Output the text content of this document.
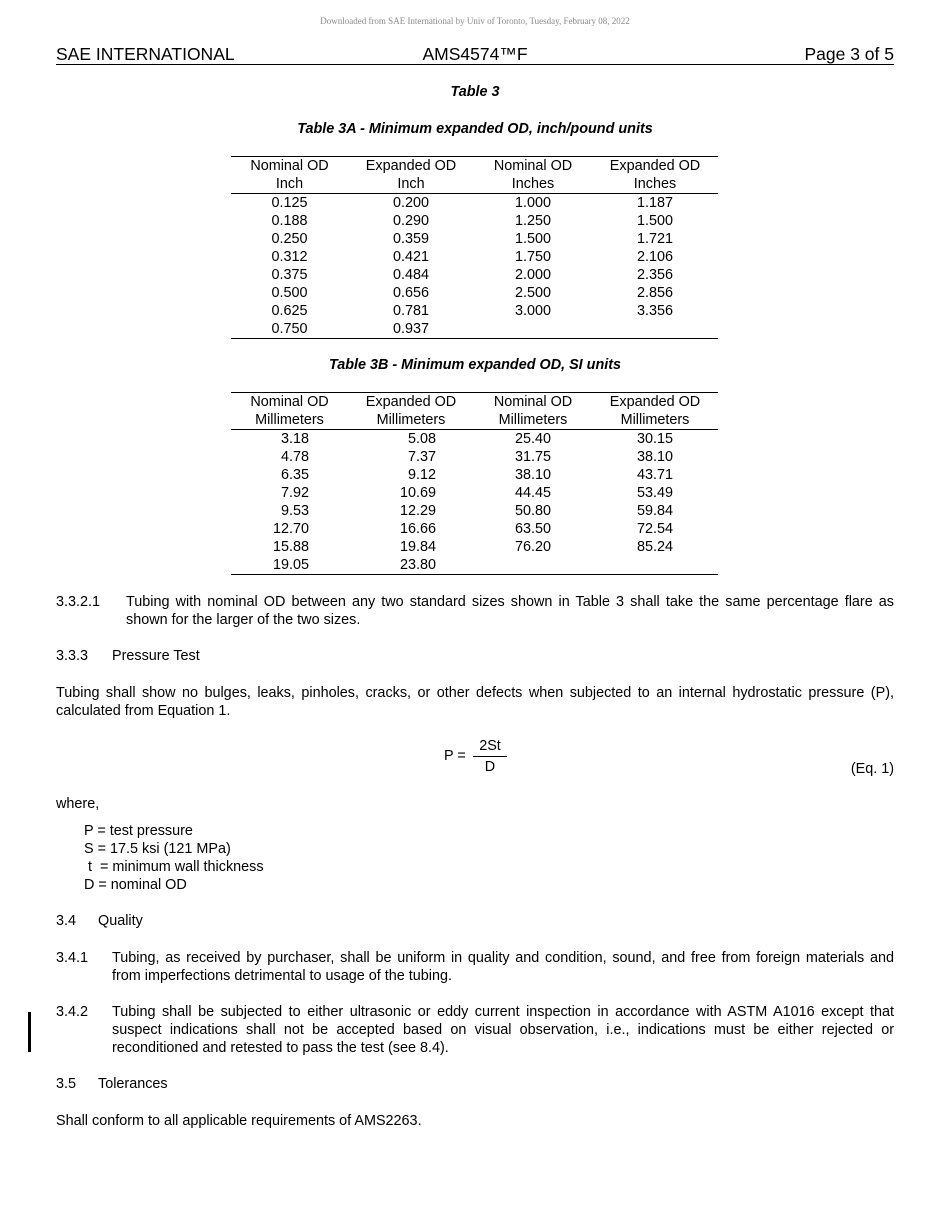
Downloaded from SAE International by Univ of Toronto, Tuesday, February 08, 2022
SAE INTERNATIONAL	AMS4574™F	Page 3 of 5
Table 3
Table 3A - Minimum expanded OD, inch/pound units
Nominal OD	Expanded OD	Nominal OD	Expanded OD
Inch	Inch	Inches	Inches
0.125	0.200	1.000	1.187
0.188	0.290	1.250	1.500
0.250	0.359	1.500	1.721
0.312	0.421	1.750	2.106
0.375	0.484	2.000	2.356
0.500	0.656	2.500	2.856
0.625	0.781	3.000	3.356
0.750	0.937		
Table 3B - Minimum expanded OD, SI units
Nominal OD	Expanded OD	Nominal OD	Expanded OD
Millimeters	Millimeters	Millimeters	Millimeters
3.18	5.08	25.40	30.15
4.78	7.37	31.75	38.10
6.35	9.12	38.10	43.71
7.92	10.69	44.45	53.49
9.53	12.29	50.80	59.84
12.70	16.66	63.50	72.54
15.88	19.84	76.20	85.24
19.05	23.80		
3.3.2.1 Tubing with nominal OD between any two standard sizes shown in Table 3 shall take the same percentage flare as shown for the larger of the two sizes.
3.3.3 Pressure Test
Tubing shall show no bulges, leaks, pinholes, cracks, or other defects when subjected to an internal hydrostatic pressure (P), calculated from Equation 1.
P =
2St
D	(Eq. 1)
where,
P = test pressure
S = 17.5 ksi (121 MPa)
t  = minimum wall thickness
D = nominal OD
3.4 Quality
3.4.1 Tubing, as received by purchaser, shall be uniform in quality and condition, sound, and free from foreign materials and from imperfections detrimental to usage of the tubing.
3.4.2 Tubing shall be subjected to either ultrasonic or eddy current inspection in accordance with ASTM A1016 except that suspect indications shall not be accepted based on visual observation, i.e., indications must be either rejected or reconditioned and retested to pass the test (see 8.4).
3.5 Tolerances
Shall conform to all applicable requirements of AMS2263.
